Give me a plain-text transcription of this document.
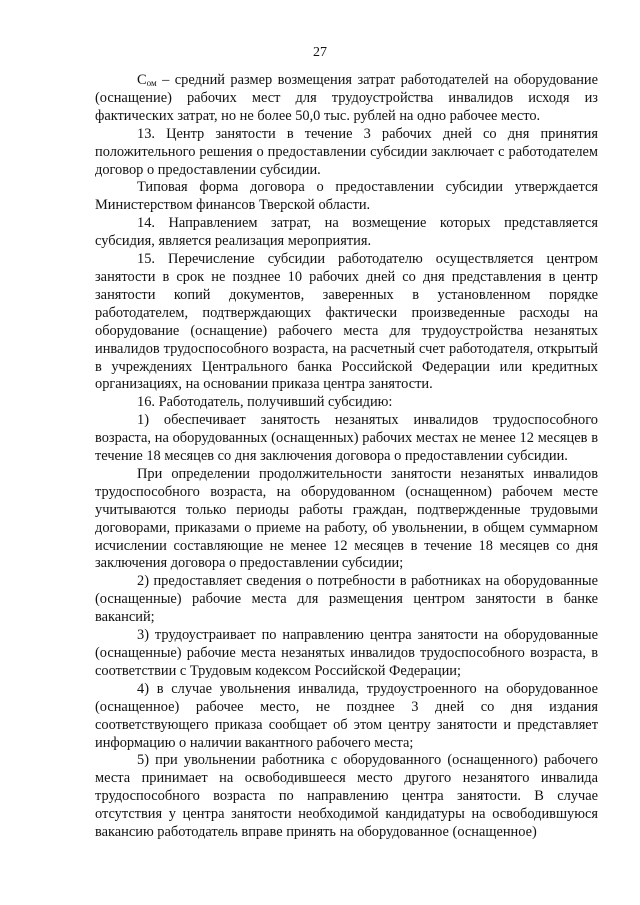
27

$С_{ом}$ – средний размер возмещения затрат работодателей на оборудование (оснащение) рабочих мест для трудоустройства инвалидов исходя из фактических затрат, но не более 50,0 тыс. рублей на одно рабочее место.

13. Центр занятости в течение 3 рабочих дней со дня принятия положительного решения о предоставлении субсидии заключает с работодателем договор о предоставлении субсидии.

Типовая форма договора о предоставлении субсидии утверждается Министерством финансов Тверской области.

14. Направлением затрат, на возмещение которых представляется субсидия, является реализация мероприятия.

15. Перечисление субсидии работодателю осуществляется центром занятости в срок не позднее 10 рабочих дней со дня представления в центр занятости копий документов, заверенных в установленном порядке работодателем, подтверждающих фактически произведенные расходы на оборудование (оснащение) рабочего места для трудоустройства незанятых инвалидов трудоспособного возраста, на расчетный счет работодателя, открытый в учреждениях Центрального банка Российской Федерации или кредитных организациях, на основании приказа центра занятости.

16. Работодатель, получивший субсидию:

1) обеспечивает занятость незанятых инвалидов трудоспособного возраста, на оборудованных (оснащенных) рабочих местах не менее 12 месяцев в течение 18 месяцев со дня заключения договора о предоставлении субсидии.

При определении продолжительности занятости незанятых инвалидов трудоспособного возраста, на оборудованном (оснащенном) рабочем месте учитываются только периоды работы граждан, подтвержденные трудовыми договорами, приказами о приеме на работу, об увольнении, в общем суммарном исчислении составляющие не менее 12 месяцев в течение 18 месяцев со дня заключения договора о предоставлении субсидии;

2) предоставляет сведения о потребности в работниках на оборудованные (оснащенные) рабочие места для размещения центром занятости в банке вакансий;

3) трудоустраивает по направлению центра занятости на оборудованные (оснащенные) рабочие места незанятых инвалидов трудоспособного возраста, в соответствии с Трудовым кодексом Российской Федерации;

4) в случае увольнения инвалида, трудоустроенного на оборудованное (оснащенное) рабочее место, не позднее 3 дней со дня издания соответствующего приказа сообщает об этом центру занятости и представляет информацию о наличии вакантного рабочего места;

5) при увольнении работника с оборудованного (оснащенного) рабочего места принимает на освободившееся место другого незанятого инвалида трудоспособного возраста по направлению центра занятости. В случае отсутствия у центра занятости необходимой кандидатуры на освободившуюся вакансию работодатель вправе принять на оборудованное (оснащенное)
